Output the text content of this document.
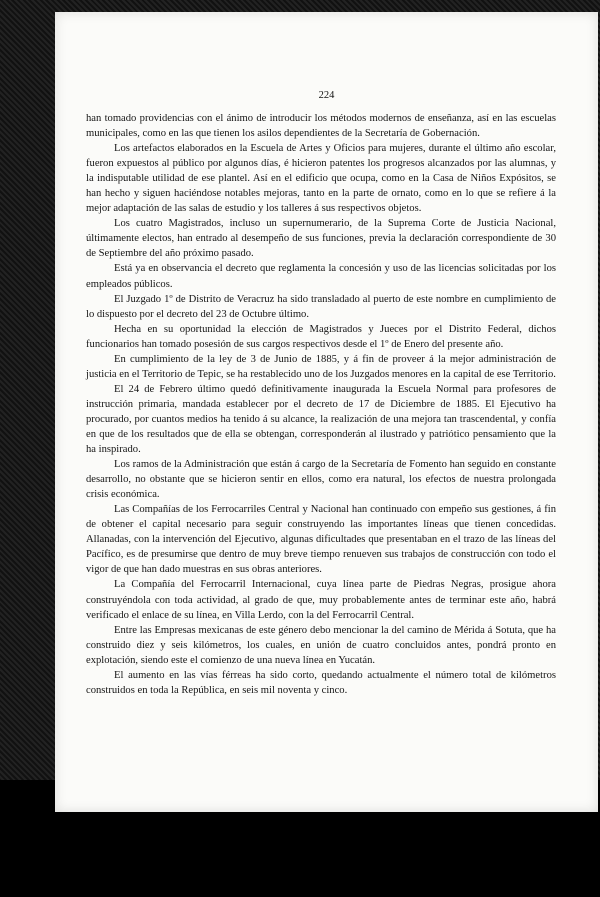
224

han tomado providencias con el ánimo de introducir los métodos modernos de enseñanza, así en las escuelas municipales, como en las que tienen los asilos dependientes de la Secretaría de Gobernación.

Los artefactos elaborados en la Escuela de Artes y Oficios para mujeres, durante el último año escolar, fueron expuestos al público por algunos días, é hicieron patentes los progresos alcanzados por las alumnas, y la indisputable utilidad de ese plantel. Así en el edificio que ocupa, como en la Casa de Niños Expósitos, se han hecho y siguen haciéndose notables mejoras, tanto en la parte de ornato, como en lo que se refiere á la mejor adaptación de las salas de estudio y los talleres á sus respectivos objetos.

Los cuatro Magistrados, incluso un supernumerario, de la Suprema Corte de Justicia Nacional, últimamente electos, han entrado al desempeño de sus funciones, previa la declaración correspondiente de 30 de Septiembre del año próximo pasado.

Está ya en observancia el decreto que reglamenta la concesión y uso de las licencias solicitadas por los empleados públicos.

El Juzgado 1º de Distrito de Veracruz ha sido transladado al puerto de este nombre en cumplimiento de lo dispuesto por el decreto del 23 de Octubre último.

Hecha en su oportunidad la elección de Magistrados y Jueces por el Distrito Federal, dichos funcionarios han tomado posesión de sus cargos respectivos desde el 1º de Enero del presente año.

En cumplimiento de la ley de 3 de Junio de 1885, y á fin de proveer á la mejor administración de justicia en el Territorio de Tepic, se ha restablecido uno de los Juzgados menores en la capital de ese Territorio.

El 24 de Febrero último quedó definitivamente inaugurada la Escuela Normal para profesores de instrucción primaria, mandada establecer por el decreto de 17 de Diciembre de 1885. El Ejecutivo ha procurado, por cuantos medios ha tenido á su alcance, la realización de una mejora tan trascendental, y confía en que de los resultados que de ella se obtengan, corresponderán al ilustrado y patriótico pensamiento que la ha inspirado.

Los ramos de la Administración que están á cargo de la Secretaría de Fomento han seguido en constante desarrollo, no obstante que se hicieron sentir en ellos, como era natural, los efectos de nuestra prolongada crisis económica.

Las Compañías de los Ferrocarriles Central y Nacional han continuado con empeño sus gestiones, á fin de obtener el capital necesario para seguir construyendo las importantes líneas que tienen concedidas. Allanadas, con la intervención del Ejecutivo, algunas dificultades que presentaban en el trazo de las líneas del Pacífico, es de presumirse que dentro de muy breve tiempo renueven sus trabajos de construcción con todo el vigor de que han dado muestras en sus obras anteriores.

La Compañía del Ferrocarril Internacional, cuya línea parte de Piedras Negras, prosigue ahora construyéndola con toda actividad, al grado de que, muy probablemente antes de terminar este año, habrá verificado el enlace de su línea, en Villa Lerdo, con la del Ferrocarril Central.

Entre las Empresas mexicanas de este género debo mencionar la del camino de Mérida á Sotuta, que ha construido diez y seis kilómetros, los cuales, en unión de cuatro concluidos antes, pondrá pronto en explotación, siendo este el comienzo de una nueva línea en Yucatán.

El aumento en las vías férreas ha sido corto, quedando actualmente el número total de kilómetros construidos en toda la República, en seis mil noventa y cinco.
